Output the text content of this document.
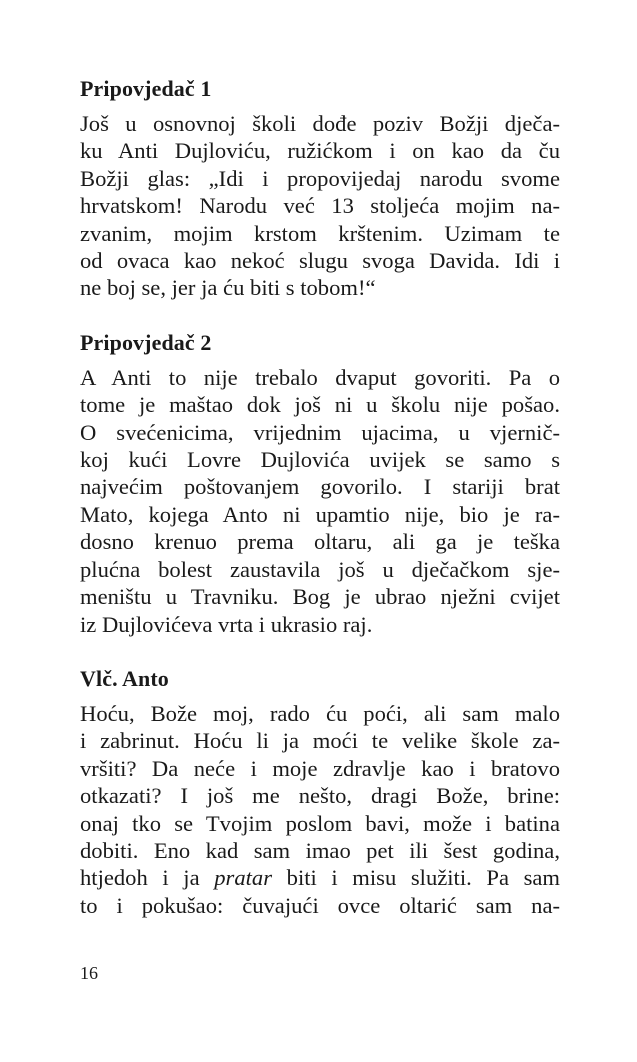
Pripovjedač 1
Još u osnovnoj školi dođe poziv Božji dječa-
ku Anti Dujloviću, ružićkom i on kao da ču
Božji glas: „Idi i propovijedaj narodu svome
hrvatskom! Narodu već 13 stoljeća mojim na-
zvanim, mojim krstom krštenim. Uzimam te
od ovaca kao nekoć slugu svoga Davida. Idi i
ne boj se, jer ja ću biti s tobom!“
Pripovjedač 2
A Anti to nije trebalo dvaput govoriti. Pa o
tome je maštao dok još ni u školu nije pošao.
O svećenicima, vrijednim ujacima, u vjernič-
koj kući Lovre Dujlovića uvijek se samo s
najvećim poštovanjem govorilo. I stariji brat
Mato, kojega Anto ni upamtio nije, bio je ra-
dosno krenuo prema oltaru, ali ga je teška
plućna bolest zaustavila još u dječačkom sje-
meništu u Travniku. Bog je ubrao nježni cvijet
iz Dujlovićeva vrta i ukrasio raj.
Vlč. Anto
Hoću, Bože moj, rado ću poći, ali sam malo
i zabrinut. Hoću li ja moći te velike škole za-
vršiti? Da neće i moje zdravlje kao i bratovo
otkazati? I još me nešto, dragi Bože, brine:
onaj tko se Tvojim poslom bavi, može i batina
dobiti. Eno kad sam imao pet ili šest godina,
htjedoh i ja pratar biti i misu služiti. Pa sam
to i pokušao: čuvajući ovce oltarić sam na-
16
